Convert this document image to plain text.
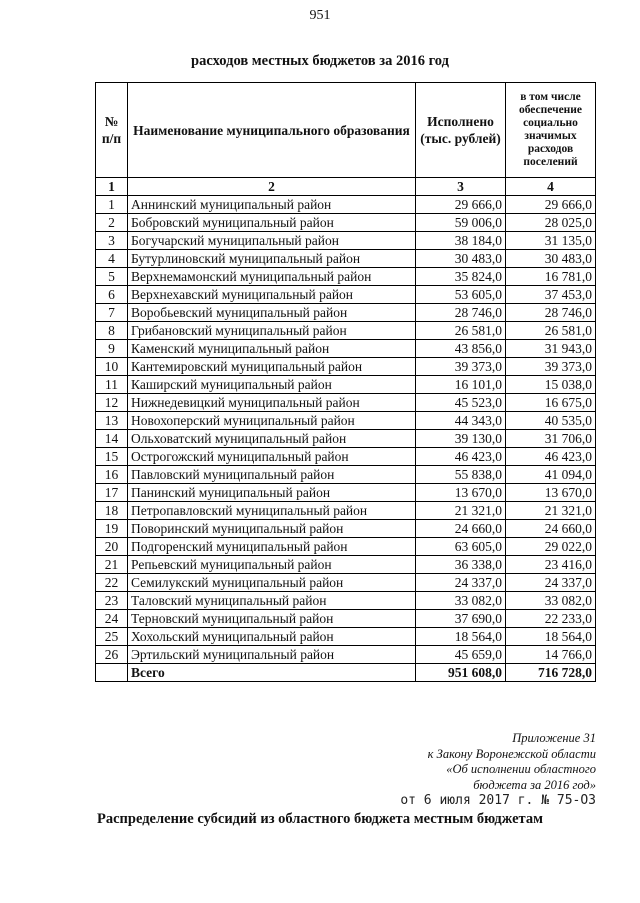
951
расходов местных бюджетов за 2016 год
№ п/п	Наименование муниципального образования	Исполнено (тыс. рублей)	в том числе обеспечение социально значимых расходов поселений
1	2	3	4
1	Аннинский муниципальный район	29 666,0	29 666,0
2	Бобровский муниципальный район	59 006,0	28 025,0
3	Богучарский муниципальный район	38 184,0	31 135,0
4	Бутурлиновский муниципальный район	30 483,0	30 483,0
5	Верхнемамонский муниципальный район	35 824,0	16 781,0
6	Верхнехавский муниципальный район	53 605,0	37 453,0
7	Воробьевский муниципальный район	28 746,0	28 746,0
8	Грибановский муниципальный район	26 581,0	26 581,0
9	Каменский муниципальный район	43 856,0	31 943,0
10	Кантемировский муниципальный район	39 373,0	39 373,0
11	Каширский муниципальный район	16 101,0	15 038,0
12	Нижнедевицкий муниципальный район	45 523,0	16 675,0
13	Новохоперский муниципальный район	44 343,0	40 535,0
14	Ольховатский муниципальный район	39 130,0	31 706,0
15	Острогожский муниципальный район	46 423,0	46 423,0
16	Павловский муниципальный район	55 838,0	41 094,0
17	Панинский муниципальный район	13 670,0	13 670,0
18	Петропавловский муниципальный район	21 321,0	21 321,0
19	Поворинский муниципальный район	24 660,0	24 660,0
20	Подгоренский муниципальный район	63 605,0	29 022,0
21	Репьевский муниципальный район	36 338,0	23 416,0
22	Семилукский муниципальный район	24 337,0	24 337,0
23	Таловский муниципальный район	33 082,0	33 082,0
24	Терновский муниципальный район	37 690,0	22 233,0
25	Хохольский муниципальный район	18 564,0	18 564,0
26	Эртильский муниципальный район	45 659,0	14 766,0
	Всего	951 608,0	716 728,0
Приложение 31
к Закону Воронежской области
«Об исполнении областного
бюджета за 2016 год»
от 6 июля 2017 г. № 75-ОЗ
Распределение субсидий из областного бюджета местным бюджетам
